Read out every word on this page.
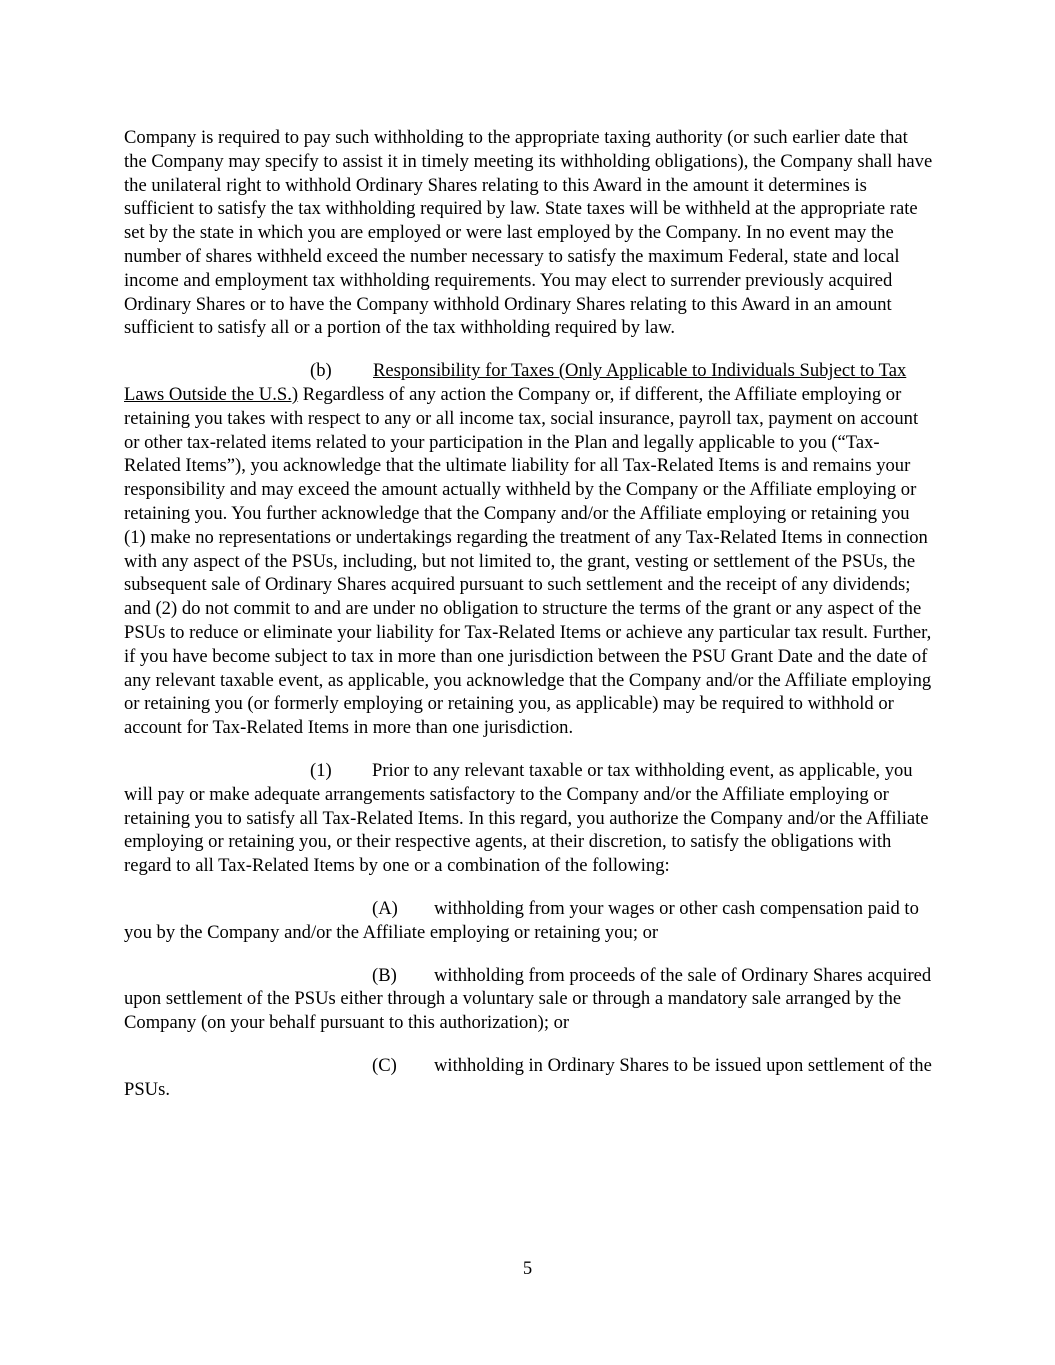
Company is required to pay such withholding to the appropriate taxing authority (or such earlier date that the Company may specify to assist it in timely meeting its withholding obligations), the Company shall have the unilateral right to withhold Ordinary Shares relating to this Award in the amount it determines is sufficient to satisfy the tax withholding required by law. State taxes will be withheld at the appropriate rate set by the state in which you are employed or were last employed by the Company. In no event may the number of shares withheld exceed the number necessary to satisfy the maximum Federal, state and local income and employment tax withholding requirements. You may elect to surrender previously acquired Ordinary Shares or to have the Company withhold Ordinary Shares relating to this Award in an amount sufficient to satisfy all or a portion of the tax withholding required by law.

(b) Responsibility for Taxes (Only Applicable to Individuals Subject to Tax Laws Outside the U.S.) Regardless of any action the Company or, if different, the Affiliate employing or retaining you takes with respect to any or all income tax, social insurance, payroll tax, payment on account or other tax-related items related to your participation in the Plan and legally applicable to you (“Tax-Related Items”), you acknowledge that the ultimate liability for all Tax-Related Items is and remains your responsibility and may exceed the amount actually withheld by the Company or the Affiliate employing or retaining you. You further acknowledge that the Company and/or the Affiliate employing or retaining you (1) make no representations or undertakings regarding the treatment of any Tax-Related Items in connection with any aspect of the PSUs, including, but not limited to, the grant, vesting or settlement of the PSUs, the subsequent sale of Ordinary Shares acquired pursuant to such settlement and the receipt of any dividends; and (2) do not commit to and are under no obligation to structure the terms of the grant or any aspect of the PSUs to reduce or eliminate your liability for Tax-Related Items or achieve any particular tax result. Further, if you have become subject to tax in more than one jurisdiction between the PSU Grant Date and the date of any relevant taxable event, as applicable, you acknowledge that the Company and/or the Affiliate employing or retaining you (or formerly employing or retaining you, as applicable) may be required to withhold or account for Tax-Related Items in more than one jurisdiction.

(1) Prior to any relevant taxable or tax withholding event, as applicable, you will pay or make adequate arrangements satisfactory to the Company and/or the Affiliate employing or retaining you to satisfy all Tax-Related Items. In this regard, you authorize the Company and/or the Affiliate employing or retaining you, or their respective agents, at their discretion, to satisfy the obligations with regard to all Tax-Related Items by one or a combination of the following:

(A) withholding from your wages or other cash compensation paid to you by the Company and/or the Affiliate employing or retaining you; or

(B) withholding from proceeds of the sale of Ordinary Shares acquired upon settlement of the PSUs either through a voluntary sale or through a mandatory sale arranged by the Company (on your behalf pursuant to this authorization); or

(C) withholding in Ordinary Shares to be issued upon settlement of the PSUs.

5
